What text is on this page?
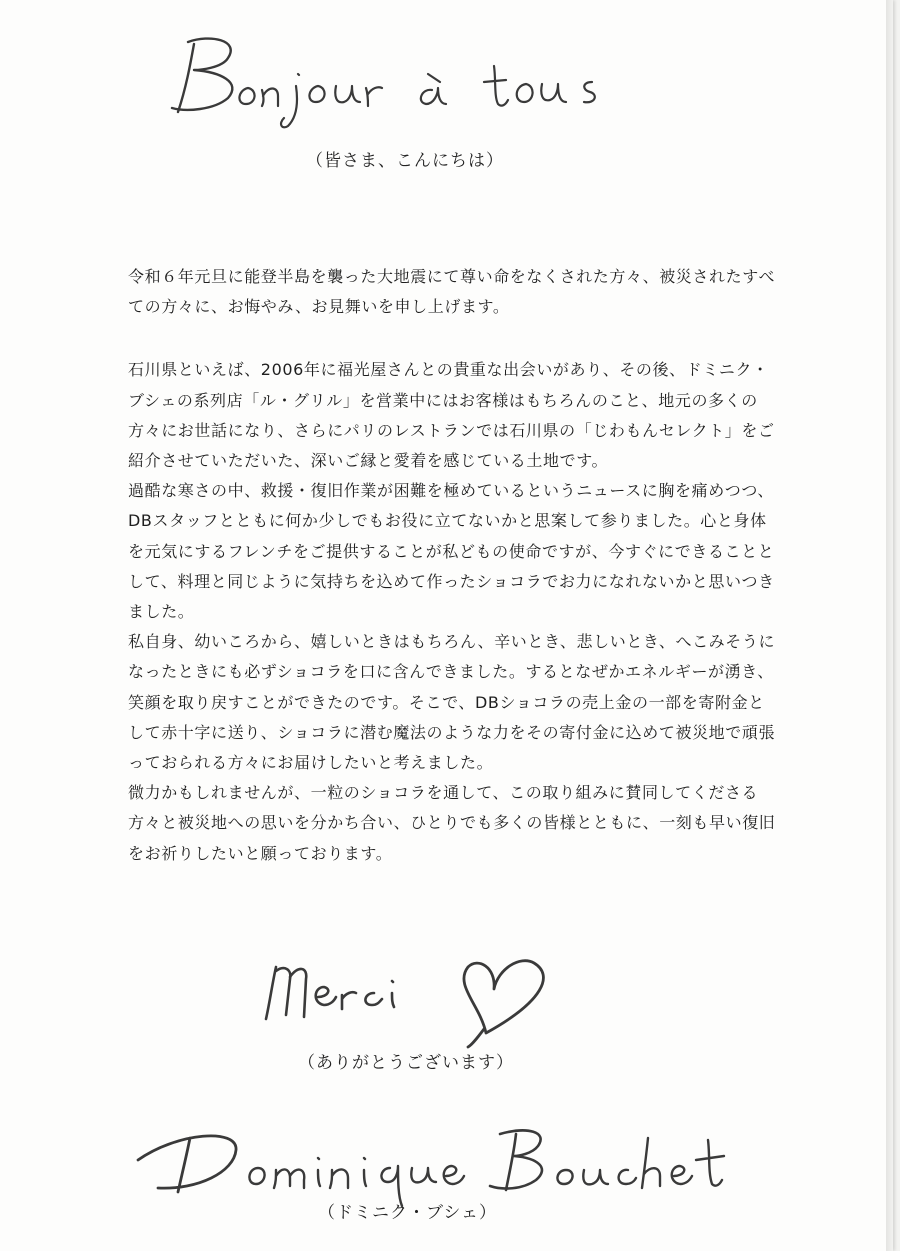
（皆さま、こんにちは）

令和６年元旦に能登半島を襲った大地震にて尊い命をなくされた方々、被災されたすべての方々に、お悔やみ、お見舞いを申し上げます。

石川県といえば、2006年に福光屋さんとの貴重な出会いがあり、その後、ドミニク・ブシェの系列店「ル・グリル」を営業中にはお客様はもちろんのこと、地元の多くの方々にお世話になり、さらにパリのレストランでは石川県の「じわもんセレクト」をご紹介させていただいた、深いご縁と愛着を感じている土地です。

過酷な寒さの中、救援・復旧作業が困難を極めているというニュースに胸を痛めつつ、DBスタッフとともに何か少しでもお役に立てないかと思案して参りました。心と身体を元気にするフレンチをご提供することが私どもの使命ですが、今すぐにできることとして、料理と同じように気持ちを込めて作ったショコラでお力になれないかと思いつきました。

私自身、幼いころから、嬉しいときはもちろん、辛いとき、悲しいとき、へこみそうになったときにも必ずショコラを口に含んできました。するとなぜかエネルギーが湧き、笑顔を取り戻すことができたのです。そこで、DBショコラの売上金の一部を寄附金として赤十字に送り、ショコラに潜む魔法のような力をその寄付金に込めて被災地で頑張っておられる方々にお届けしたいと考えました。

微力かもしれませんが、一粒のショコラを通して、この取り組みに賛同してくださる方々と被災地への思いを分かち合い、ひとりでも多くの皆様とともに、一刻も早い復旧をお祈りしたいと願っております。

（ありがとうございます）
（ドミニク・ブシェ）
